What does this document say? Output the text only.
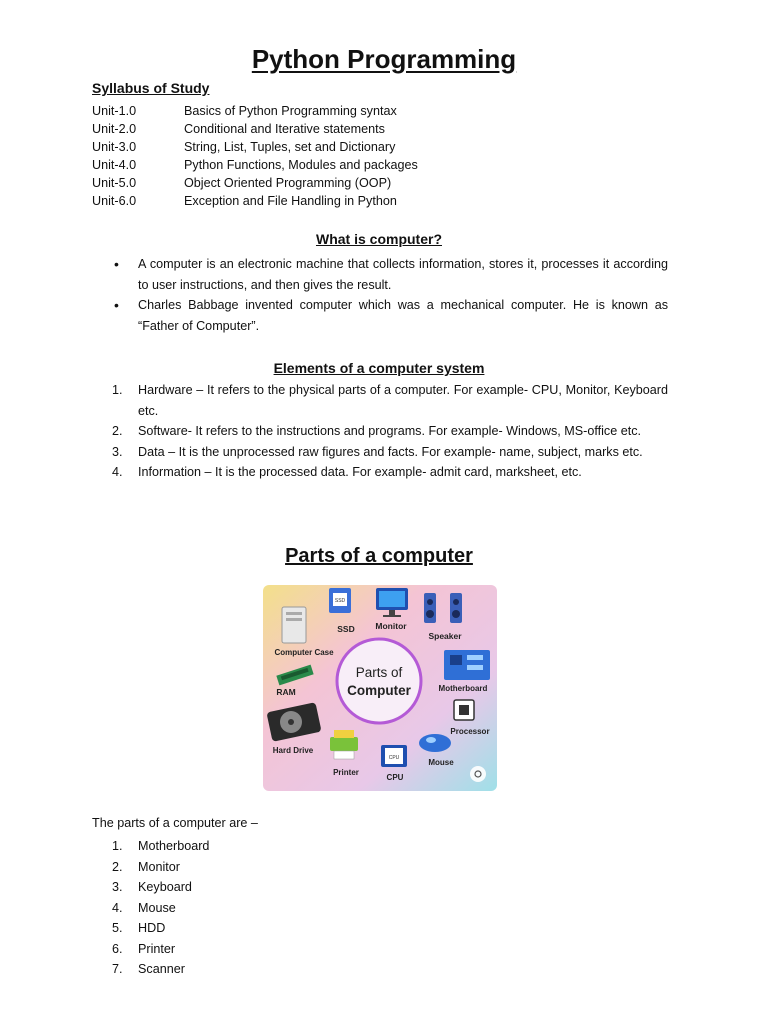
Python Programming
Syllabus of Study
Unit-1.0	Basics of Python Programming syntax
Unit-2.0	Conditional and Iterative statements
Unit-3.0	String, List, Tuples, set and Dictionary
Unit-4.0	Python Functions, Modules and packages
Unit-5.0	Object Oriented Programming (OOP)
Unit-6.0	Exception and File Handling in Python
What is computer?
• A computer is an electronic machine that collects information, stores it, processes it according to user instructions, and then gives the result.
• Charles Babbage invented computer which was a mechanical computer. He is known as “Father of Computer”.
Elements of a computer system
1. Hardware – It refers to the physical parts of a computer. For example- CPU, Monitor, Keyboard etc.
2. Software- It refers to the instructions and programs. For example- Windows, MS-office etc.
3. Data – It is the unprocessed raw figures and facts. For example- name, subject, marks etc.
4. Information – It is the processed data. For example- admit card, marksheet, etc.
Parts of a computer
Parts of
Computer
SSD
SSD Monitor
Speaker
Computer Case
RAM	Motherboard
Processor
Hard Drive
Printer
CPU
CPU
Mouse

The parts of a computer are –

1. Motherboard
2. Monitor
3. Keyboard
4. Mouse
5. HDD
6. Printer
7. Scanner
